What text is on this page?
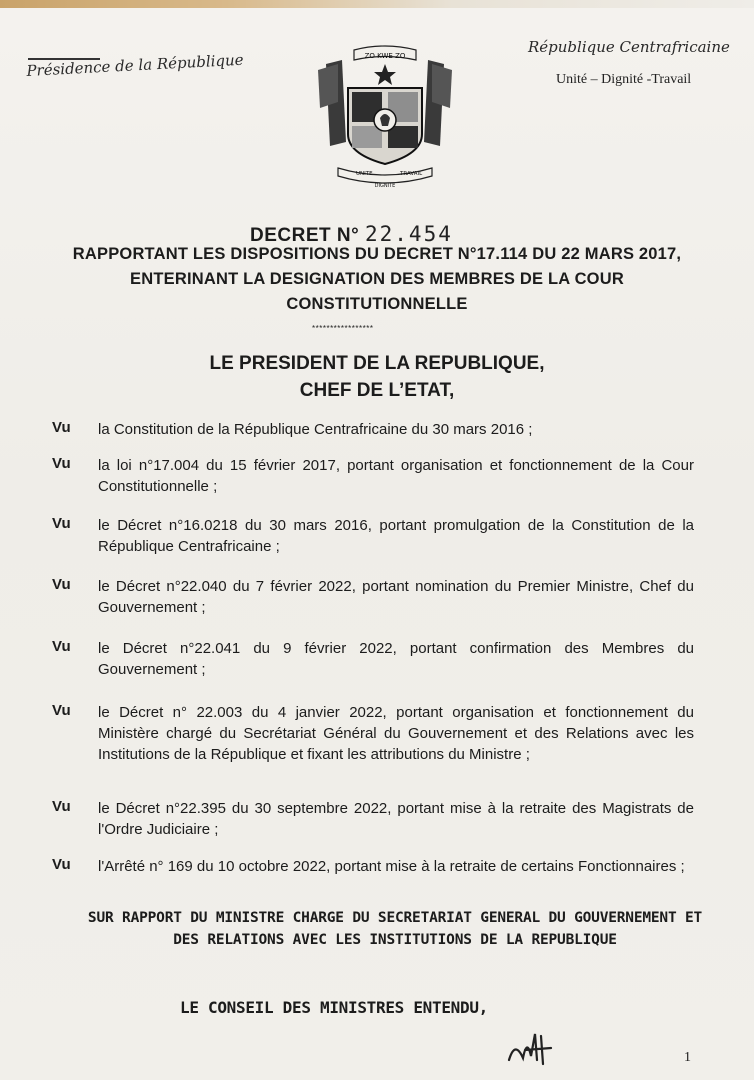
Présidence de la République
République Centrafricaine
Unité – Dignité -Travail
ZO KWE ZO
UNITE	TRAVAIL
DIGNITE
DECRET N° 22.454
RAPPORTANT LES DISPOSITIONS DU DECRET N°17.114 DU 22 MARS 2017, ENTERINANT LA DESIGNATION DES MEMBRES DE LA COUR CONSTITUTIONNELLE
*****************
LE PRESIDENT DE LA REPUBLIQUE,
CHEF DE L’ETAT,
Vu la Constitution de la République Centrafricaine du 30 mars 2016 ;
Vu la loi n°17.004 du 15 février 2017, portant organisation et fonctionnement de la Cour Constitutionnelle ;
Vu le Décret n°16.0218 du 30 mars 2016, portant promulgation de la Constitution de la République Centrafricaine ;
Vu le Décret n°22.040 du 7 février 2022, portant nomination du Premier Ministre, Chef du Gouvernement ;
Vu le Décret n°22.041 du 9 février 2022, portant confirmation des Membres du Gouvernement ;
Vu le Décret n° 22.003 du 4 janvier 2022, portant organisation et fonctionnement du Ministère chargé du Secrétariat Général du Gouvernement et des Relations avec les Institutions de la République et fixant les attributions du Ministre ;
Vu le Décret n°22.395 du 30 septembre 2022, portant mise à la retraite des Magistrats de l'Ordre Judiciaire ;
Vu l'Arrêté n° 169 du 10 octobre 2022, portant mise à la retraite de certains Fonctionnaires ;
SUR RAPPORT DU MINISTRE CHARGE DU SECRETARIAT GENERAL DU GOUVERNEMENT ET DES RELATIONS AVEC LES INSTITUTIONS DE LA REPUBLIQUE
LE CONSEIL DES MINISTRES ENTENDU,
1
